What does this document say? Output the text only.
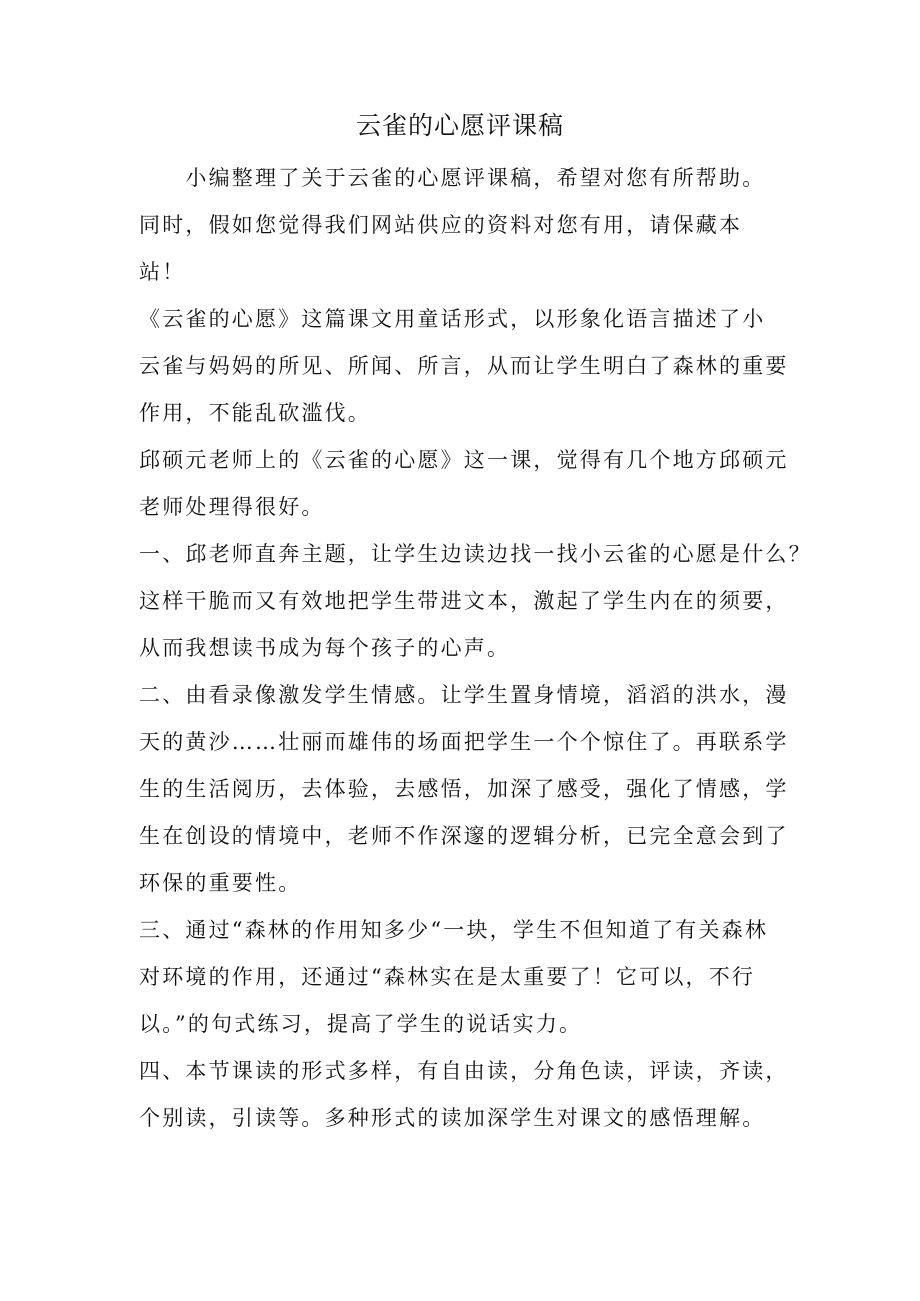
云雀的心愿评课稿
　　小编整理了关于云雀的心愿评课稿，希望对您有所帮助。
同时，假如您觉得我们网站供应的资料对您有用，请保藏本
站！
《云雀的心愿》这篇课文用童话形式，以形象化语言描述了小
云雀与妈妈的所见、所闻、所言，从而让学生明白了森林的重要
作用，不能乱砍滥伐。
邱硕元老师上的《云雀的心愿》这一课，觉得有几个地方邱硕元
老师处理得很好。
一、邱老师直奔主题，让学生边读边找一找小云雀的心愿是什么？
这样干脆而又有效地把学生带进文本，激起了学生内在的须要，
从而我想读书成为每个孩子的心声。
二、由看录像激发学生情感。让学生置身情境，滔滔的洪水，漫
天的黄沙……壮丽而雄伟的场面把学生一个个惊住了。再联系学
生的生活阅历，去体验，去感悟，加深了感受，强化了情感，学
生在创设的情境中，老师不作深邃的逻辑分析，已完全意会到了
环保的重要性。
三、通过“森林的作用知多少“一块，学生不但知道了有关森林
对环境的作用，还通过“森林实在是太重要了！它可以，不行
以。”的句式练习，提高了学生的说话实力。
四、本节课读的形式多样，有自由读，分角色读，评读，齐读，
个别读，引读等。多种形式的读加深学生对课文的感悟理解。
